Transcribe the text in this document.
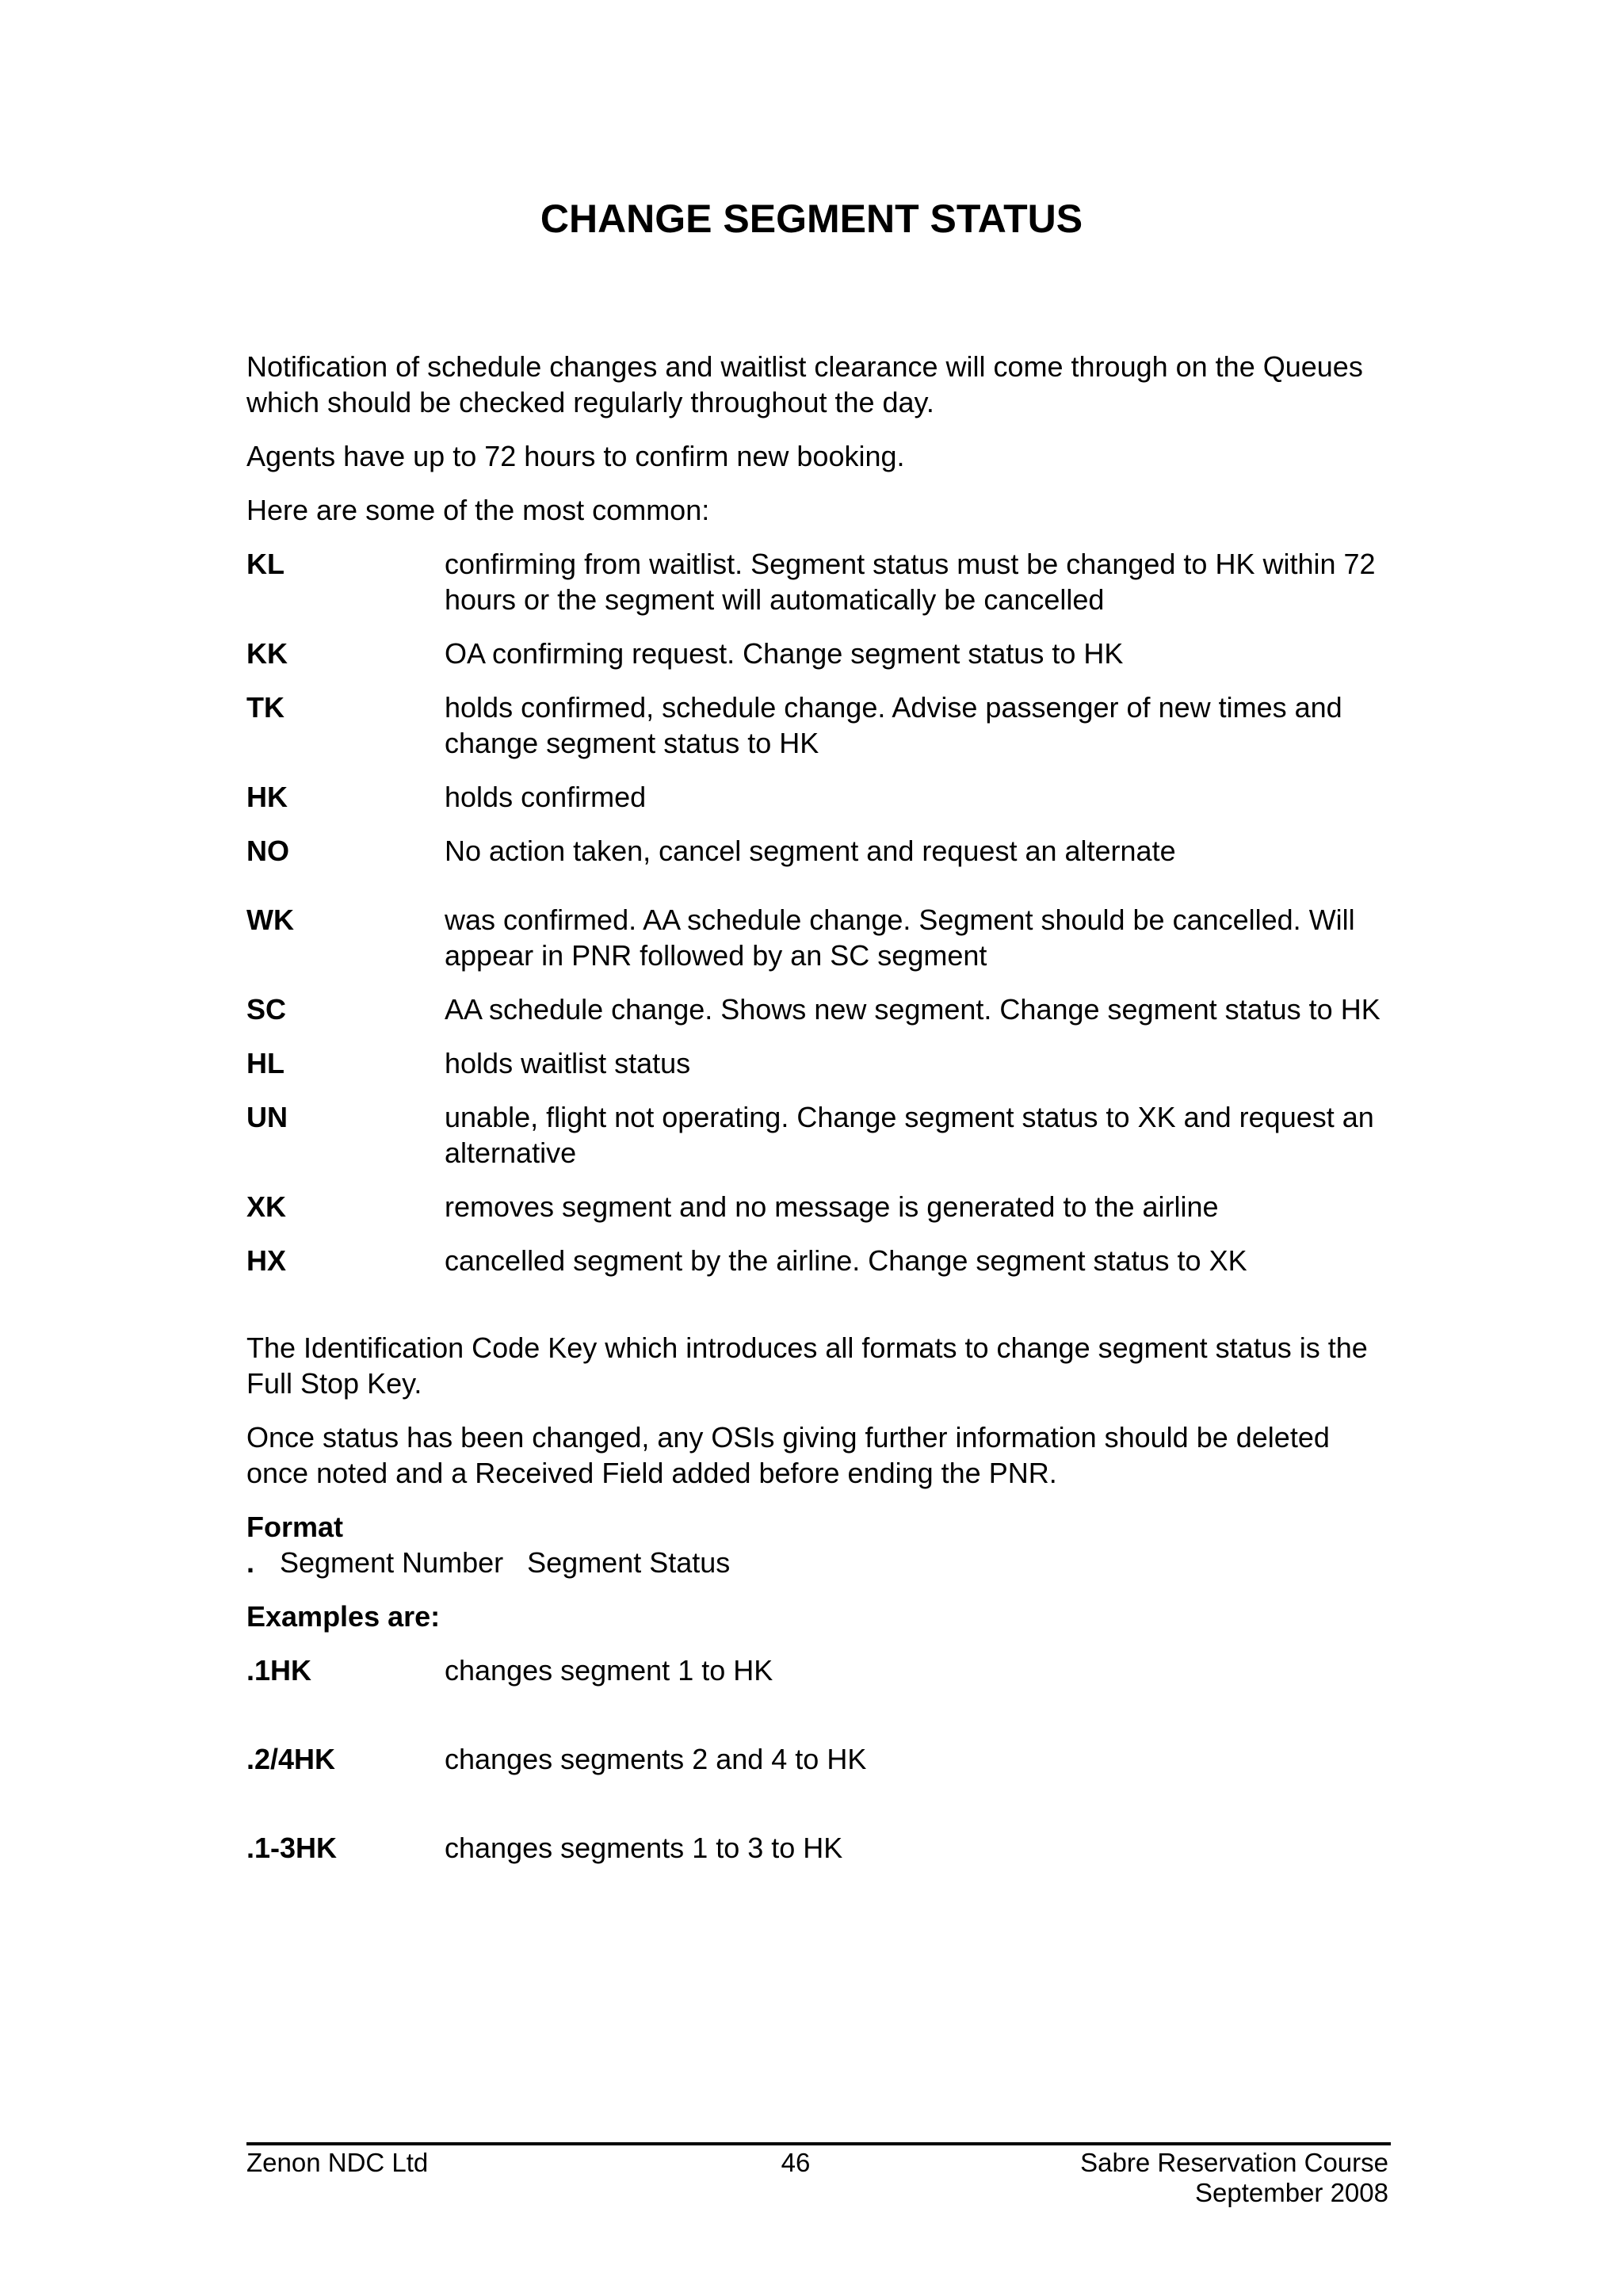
CHANGE SEGMENT STATUS

Notification of schedule changes and waitlist clearance will come through on the Queues which should be checked regularly throughout the day.

Agents have up to 72 hours to confirm new booking.

Here are some of the most common:

KL	confirming from waitlist. Segment status must be changed to HK within 72 hours or the segment will automatically be cancelled
KK	OA confirming request. Change segment status to HK
TK	holds confirmed, schedule change. Advise passenger of new times and change segment status to HK
HK	holds confirmed
NO	No action taken, cancel segment and request an alternate
WK	was confirmed. AA schedule change. Segment should be cancelled. Will appear in PNR followed by an SC segment
SC	AA schedule change. Shows new segment. Change segment status to HK
HL	holds waitlist status
UN	unable, flight not operating. Change segment status to XK and request an alternative
XK	removes segment and no message is generated to the airline
HX	cancelled segment by the airline. Change segment status to XK

The Identification Code Key which introduces all formats to change segment status is the Full Stop Key.

Once status has been changed, any OSIs giving further information should be deleted once noted and a Received Field added before ending the PNR.

Format

. Segment Number   Segment Status

Examples are:

.1HK	changes segment 1 to HK
.2/4HK	changes segments 2 and 4 to HK
.1-3HK	changes segments 1 to 3 to HK
Zenon NDC Ltd	46	Sabre Reservation Course
September 2008
